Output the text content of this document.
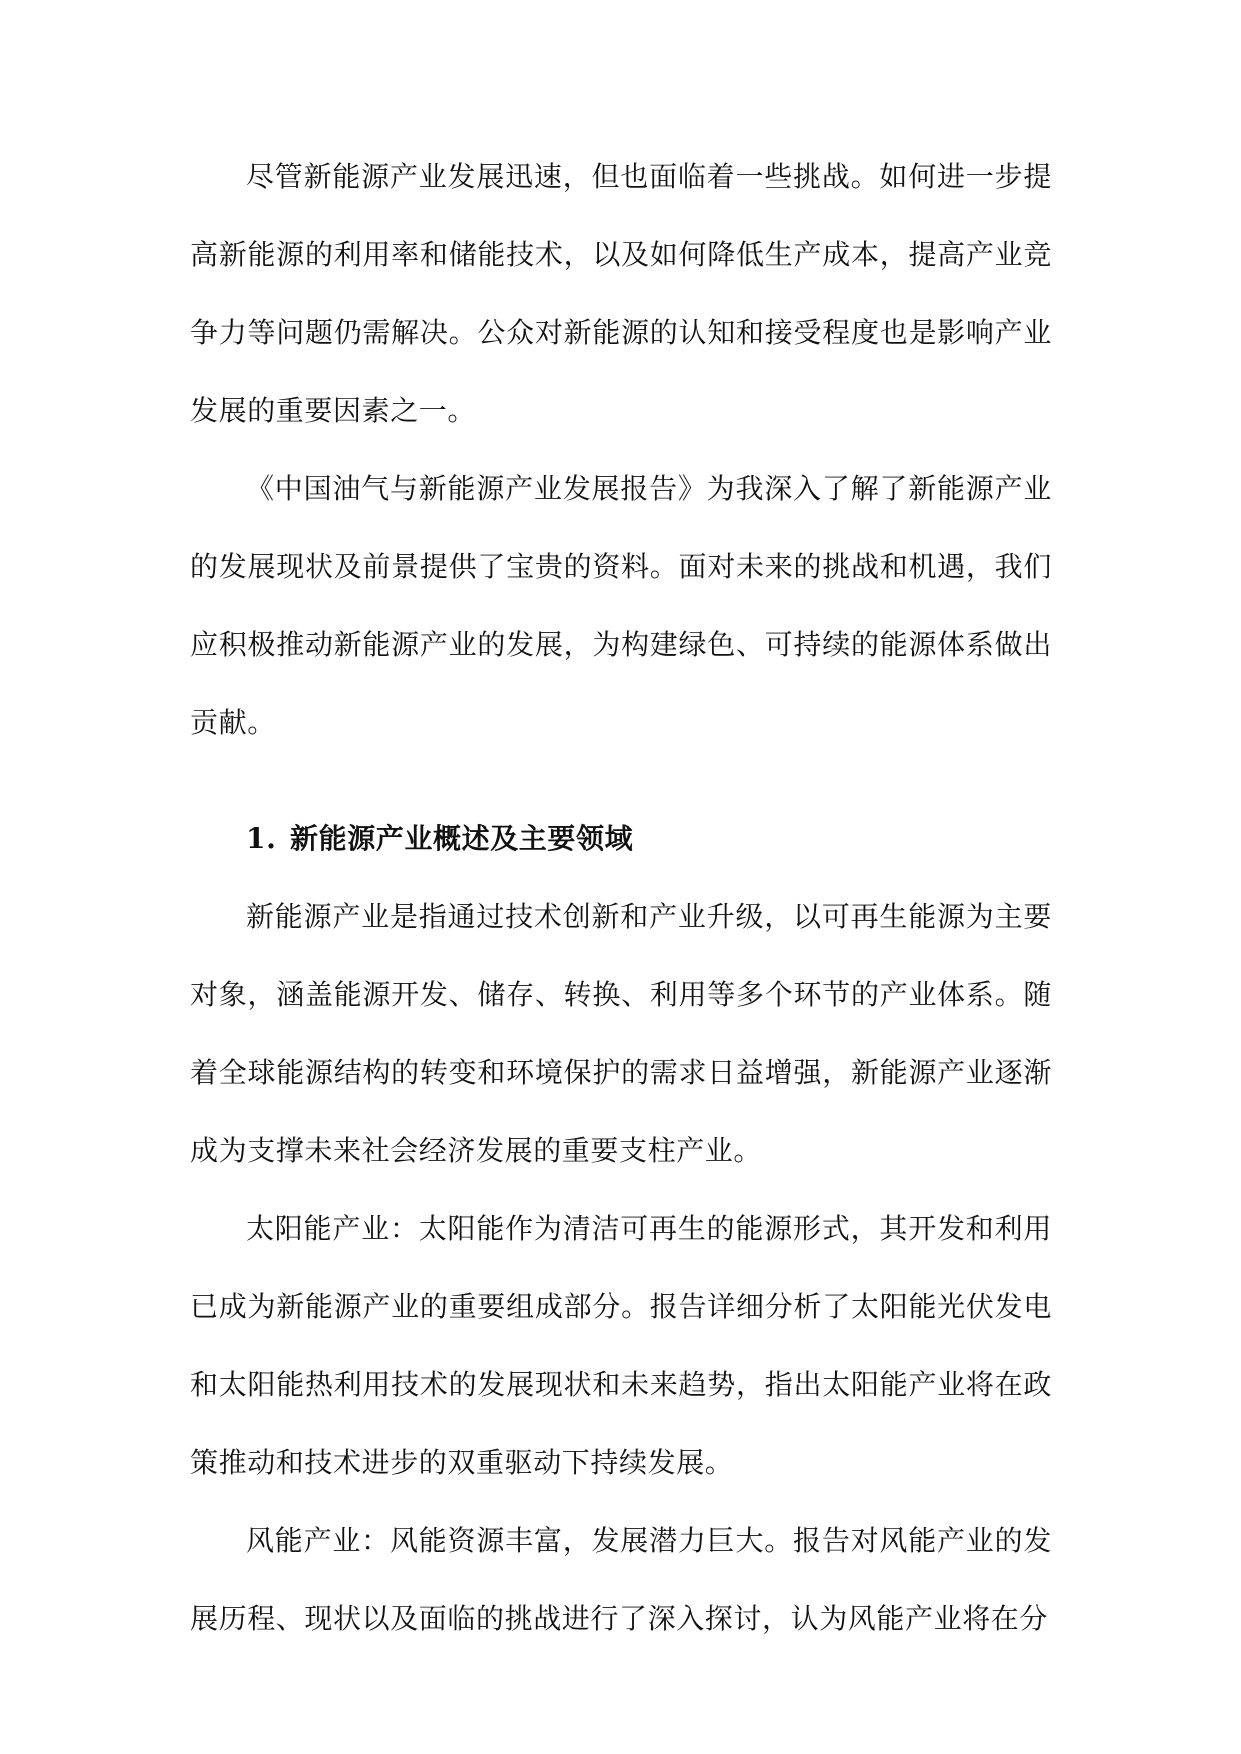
尽管新能源产业发展迅速，但也面临着一些挑战。如何进一步提高新能源的利用率和储能技术，以及如何降低生产成本，提高产业竞争力等问题仍需解决。公众对新能源的认知和接受程度也是影响产业发展的重要因素之一。

《中国油气与新能源产业发展报告》为我深入了解了新能源产业的发展现状及前景提供了宝贵的资料。面对未来的挑战和机遇，我们应积极推动新能源产业的发展，为构建绿色、可持续的能源体系做出贡献。

1. 新能源产业概述及主要领域

新能源产业是指通过技术创新和产业升级，以可再生能源为主要对象，涵盖能源开发、储存、转换、利用等多个环节的产业体系。随着全球能源结构的转变和环境保护的需求日益增强，新能源产业逐渐成为支撑未来社会经济发展的重要支柱产业。

太阳能产业：太阳能作为清洁可再生的能源形式，其开发和利用已成为新能源产业的重要组成部分。报告详细分析了太阳能光伏发电和太阳能热利用技术的发展现状和未来趋势，指出太阳能产业将在政策推动和技术进步的双重驱动下持续发展。

风能产业：风能资源丰富，发展潜力巨大。报告对风能产业的发展历程、现状以及面临的挑战进行了深入探讨，认为风能产业将在分
